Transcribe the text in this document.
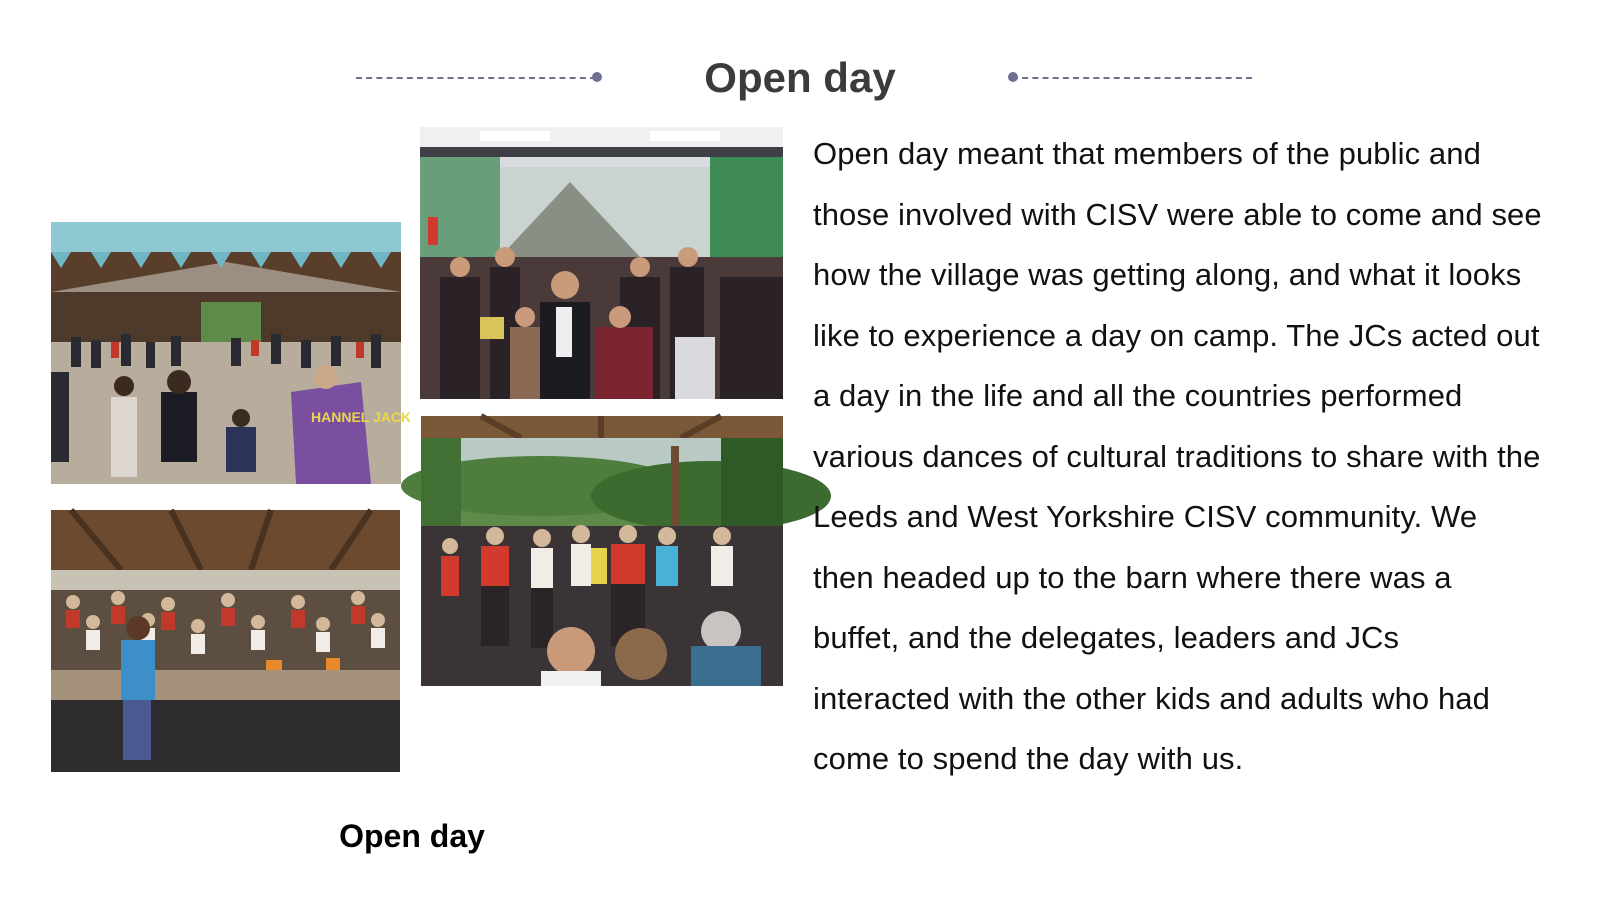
Open day
HANNEL JACK
Open day
Open day meant that members of the public and those involved with CISV were able to come and see how the village was getting along, and what it looks like to experience a day on camp. The JCs acted out a day in the life and all the countries performed various dances of cultural traditions to share with the Leeds and West Yorkshire CISV community. We then headed up to the barn where there was a buffet, and the delegates, leaders and JCs interacted with the other kids and adults who had come to spend the day with us.
